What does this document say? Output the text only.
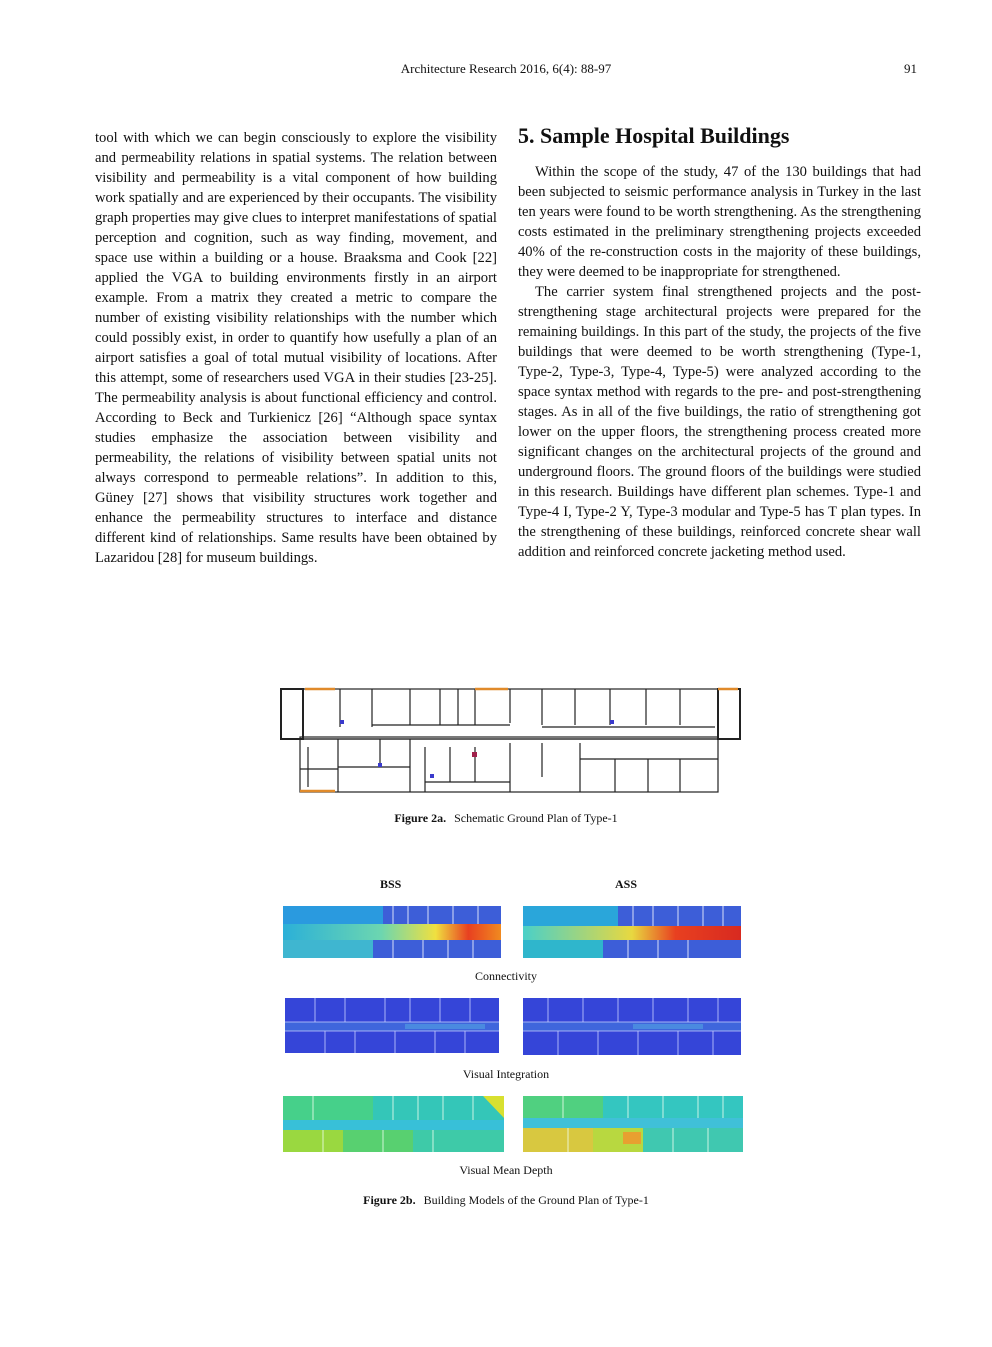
Architecture Research 2016, 6(4): 88-97	91

tool with which we can begin consciously to explore the visibility and permeability relations in spatial systems. The relation between visibility and permeability is a vital component of how building work spatially and are experienced by their occupants. The visibility graph properties may give clues to interpret manifestations of spatial perception and cognition, such as way finding, movement, and space use within a building or a house. Braaksma and Cook [22] applied the VGA to building environments firstly in an airport example. From a matrix they created a metric to compare the number of existing visibility relationships with the number which could possibly exist, in order to quantify how usefully a plan of an airport satisfies a goal of total mutual visibility of locations. After this attempt, some of researchers used VGA in their studies [23-25]. The permeability analysis is about functional efficiency and control. According to Beck and Turkienicz [26] “Although space syntax studies emphasize the association between visibility and permeability, the relations of visibility between spatial units not always correspond to permeable relations”. In addition to this, Güney [27] shows that visibility structures work together and enhance the permeability structures to interface and distance different kind of relationships. Same results have been obtained by Lazaridou [28] for museum buildings.

5. Sample Hospital Buildings

Within the scope of the study, 47 of the 130 buildings that had been subjected to seismic performance analysis in Turkey in the last ten years were found to be worth strengthening. As the strengthening costs estimated in the preliminary strengthening projects exceeded 40% of the re-construction costs in the majority of these buildings, they were deemed to be inappropriate for strengthened.

The carrier system final strengthened projects and the post-strengthening stage architectural projects were prepared for the remaining buildings. In this part of the study, the projects of the five buildings that were deemed to be worth strengthening (Type-1, Type-2, Type-3, Type-4, Type-5) were analyzed according to the space syntax method with regards to the pre- and post-strengthening stages. As in all of the five buildings, the ratio of strengthening got lower on the upper floors, the strengthening process created more significant changes on the architectural projects of the ground and underground floors. The ground floors of the buildings were studied in this research. Buildings have different plan schemes. Type-1 and Type-4 I, Type-2 Y, Type-3 modular and Type-5 has T plan types. In the strengthening of these buildings, reinforced concrete shear wall addition and reinforced concrete jacketing method used.

Figure 2a. Schematic Ground Plan of Type-1
BSS	ASS
Connectivity
Visual Integration
Visual Mean Depth
Figure 2b. Building Models of the Ground Plan of Type-1
